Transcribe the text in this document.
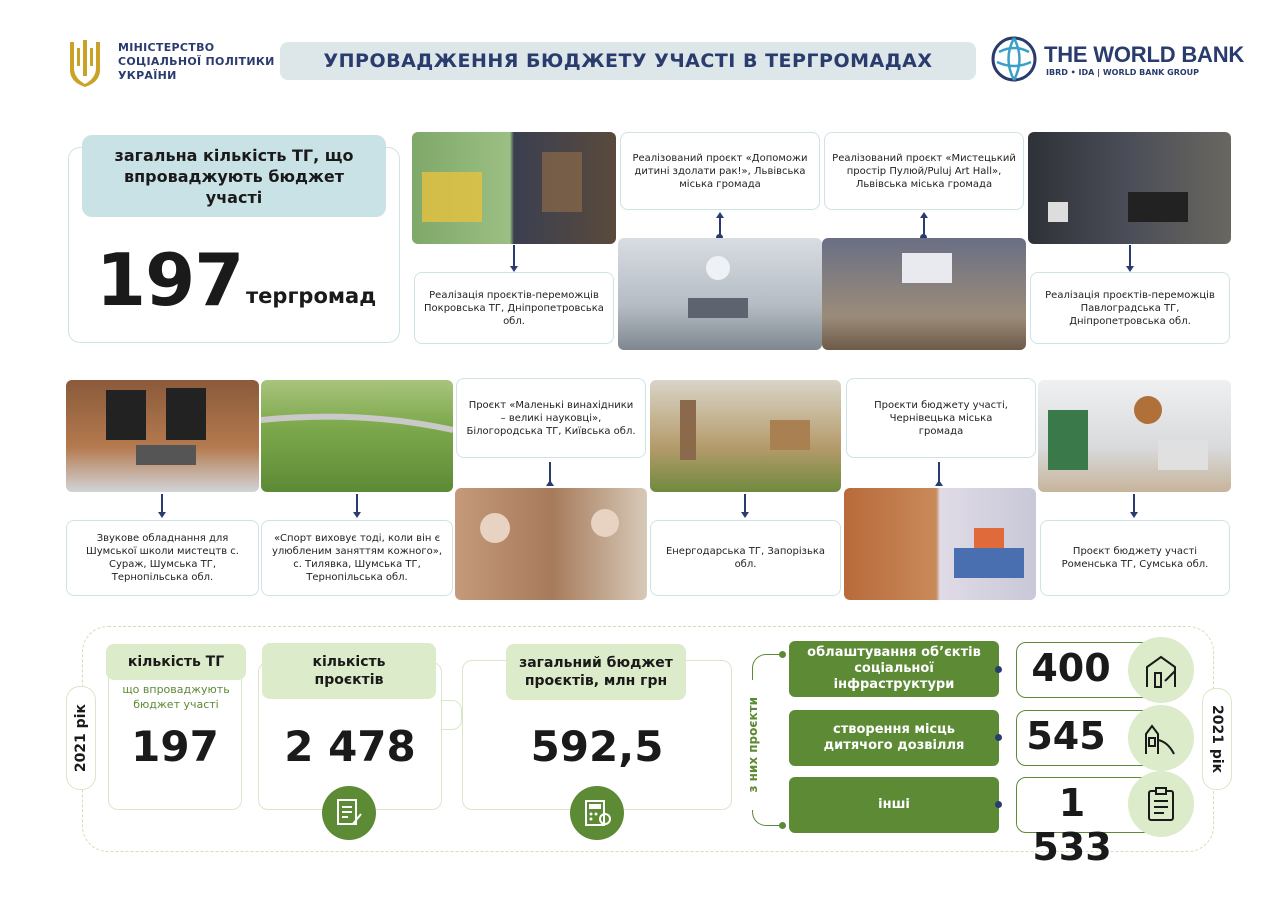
МІНІСТЕРСТВО
СОЦІАЛЬНОЇ ПОЛІТИКИ
УКРАЇНИ
УПРОВАДЖЕННЯ БЮДЖЕТУ УЧАСТІ В ТЕРГРОМАДАХ	THE WORLD BANK
IBRD • IDA | WORLD BANK GROUP
загальна кількість ТГ, що впроваджують бюджет участі
197 тергромад	Реалізація проєктів-переможців Покровська ТГ, Дніпропетровська обл.
Реалізований проєкт «Допоможи дитині здолати рак!», Львівська міська громада
Реалізований проєкт «Мистецький простір Пулюй/Puluj Art Hall», Львівська міська громада
Реалізація проєктів-переможців Павлоградська ТГ, Дніпропетровська обл.
Звукове обладнання для Шумської школи мистецтв с. Сураж, Шумська ТГ, Тернопільська обл.
«Спорт виховує тоді, коли він є улюбленим заняттям кожного», с. Тилявка, Шумська ТГ, Тернопільська обл.
Проєкт «Маленькі винахідники – великі науковці», Білогородська ТГ, Київська обл.
Енергодарська ТГ, Запорізька обл.
Проєкти бюджету участі, Чернівецька міська громада
Проєкт бюджету участі Роменська ТГ, Сумська обл.
2021 рік
кількість ТГ
що впроваджують бюджет участі
197
кількість проєктів
2 478
загальний бюджет проєктів, млн грн
592,5	з них проєкти
облаштування об’єктів соціальної інфраструктури	400
створення місць дитячого дозвілля	545
інші	1 533
2021 рік
